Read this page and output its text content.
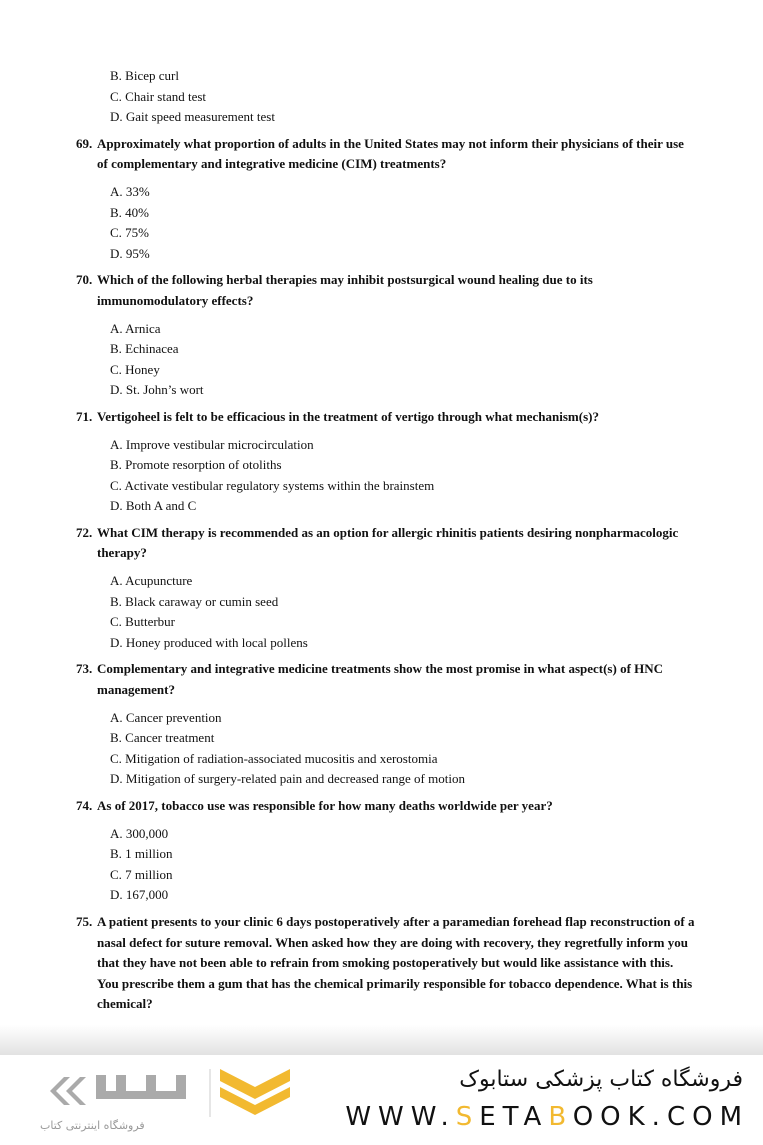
B. Bicep curl
C. Chair stand test
D. Gait speed measurement test
69. Approximately what proportion of adults in the United States may not inform their physicians of their use of complementary and integrative medicine (CIM) treatments?
A. 33%
B. 40%
C. 75%
D. 95%
70. Which of the following herbal therapies may inhibit postsurgical wound healing due to its immunomodulatory effects?
A. Arnica
B. Echinacea
C. Honey
D. St. John’s wort
71. Vertigoheel is felt to be efficacious in the treatment of vertigo through what mechanism(s)?
A. Improve vestibular microcirculation
B. Promote resorption of otoliths
C. Activate vestibular regulatory systems within the brainstem
D. Both A and C
72. What CIM therapy is recommended as an option for allergic rhinitis patients desiring nonpharmacologic therapy?
A. Acupuncture
B. Black caraway or cumin seed
C. Butterbur
D. Honey produced with local pollens
73. Complementary and integrative medicine treatments show the most promise in what aspect(s) of HNC management?
A. Cancer prevention
B. Cancer treatment
C. Mitigation of radiation-associated mucositis and xerostomia
D. Mitigation of surgery-related pain and decreased range of motion
74. As of 2017, tobacco use was responsible for how many deaths worldwide per year?
A. 300,000
B. 1 million
C. 7 million
D. 167,000
75. A patient presents to your clinic 6 days postoperatively after a paramedian forehead flap reconstruction of a nasal defect for suture removal. When asked how they are doing with recovery, they regretfully inform you that they have not been able to refrain from smoking postoperatively but would like assistance with this. You prescribe them a gum that has the chemical primarily responsible for tobacco dependence. What is this chemical?
فروشگاه اینترنتی کتاب
فروشگاه کتاب پزشکی ستابوک
WWW.SETABOOK.COM
